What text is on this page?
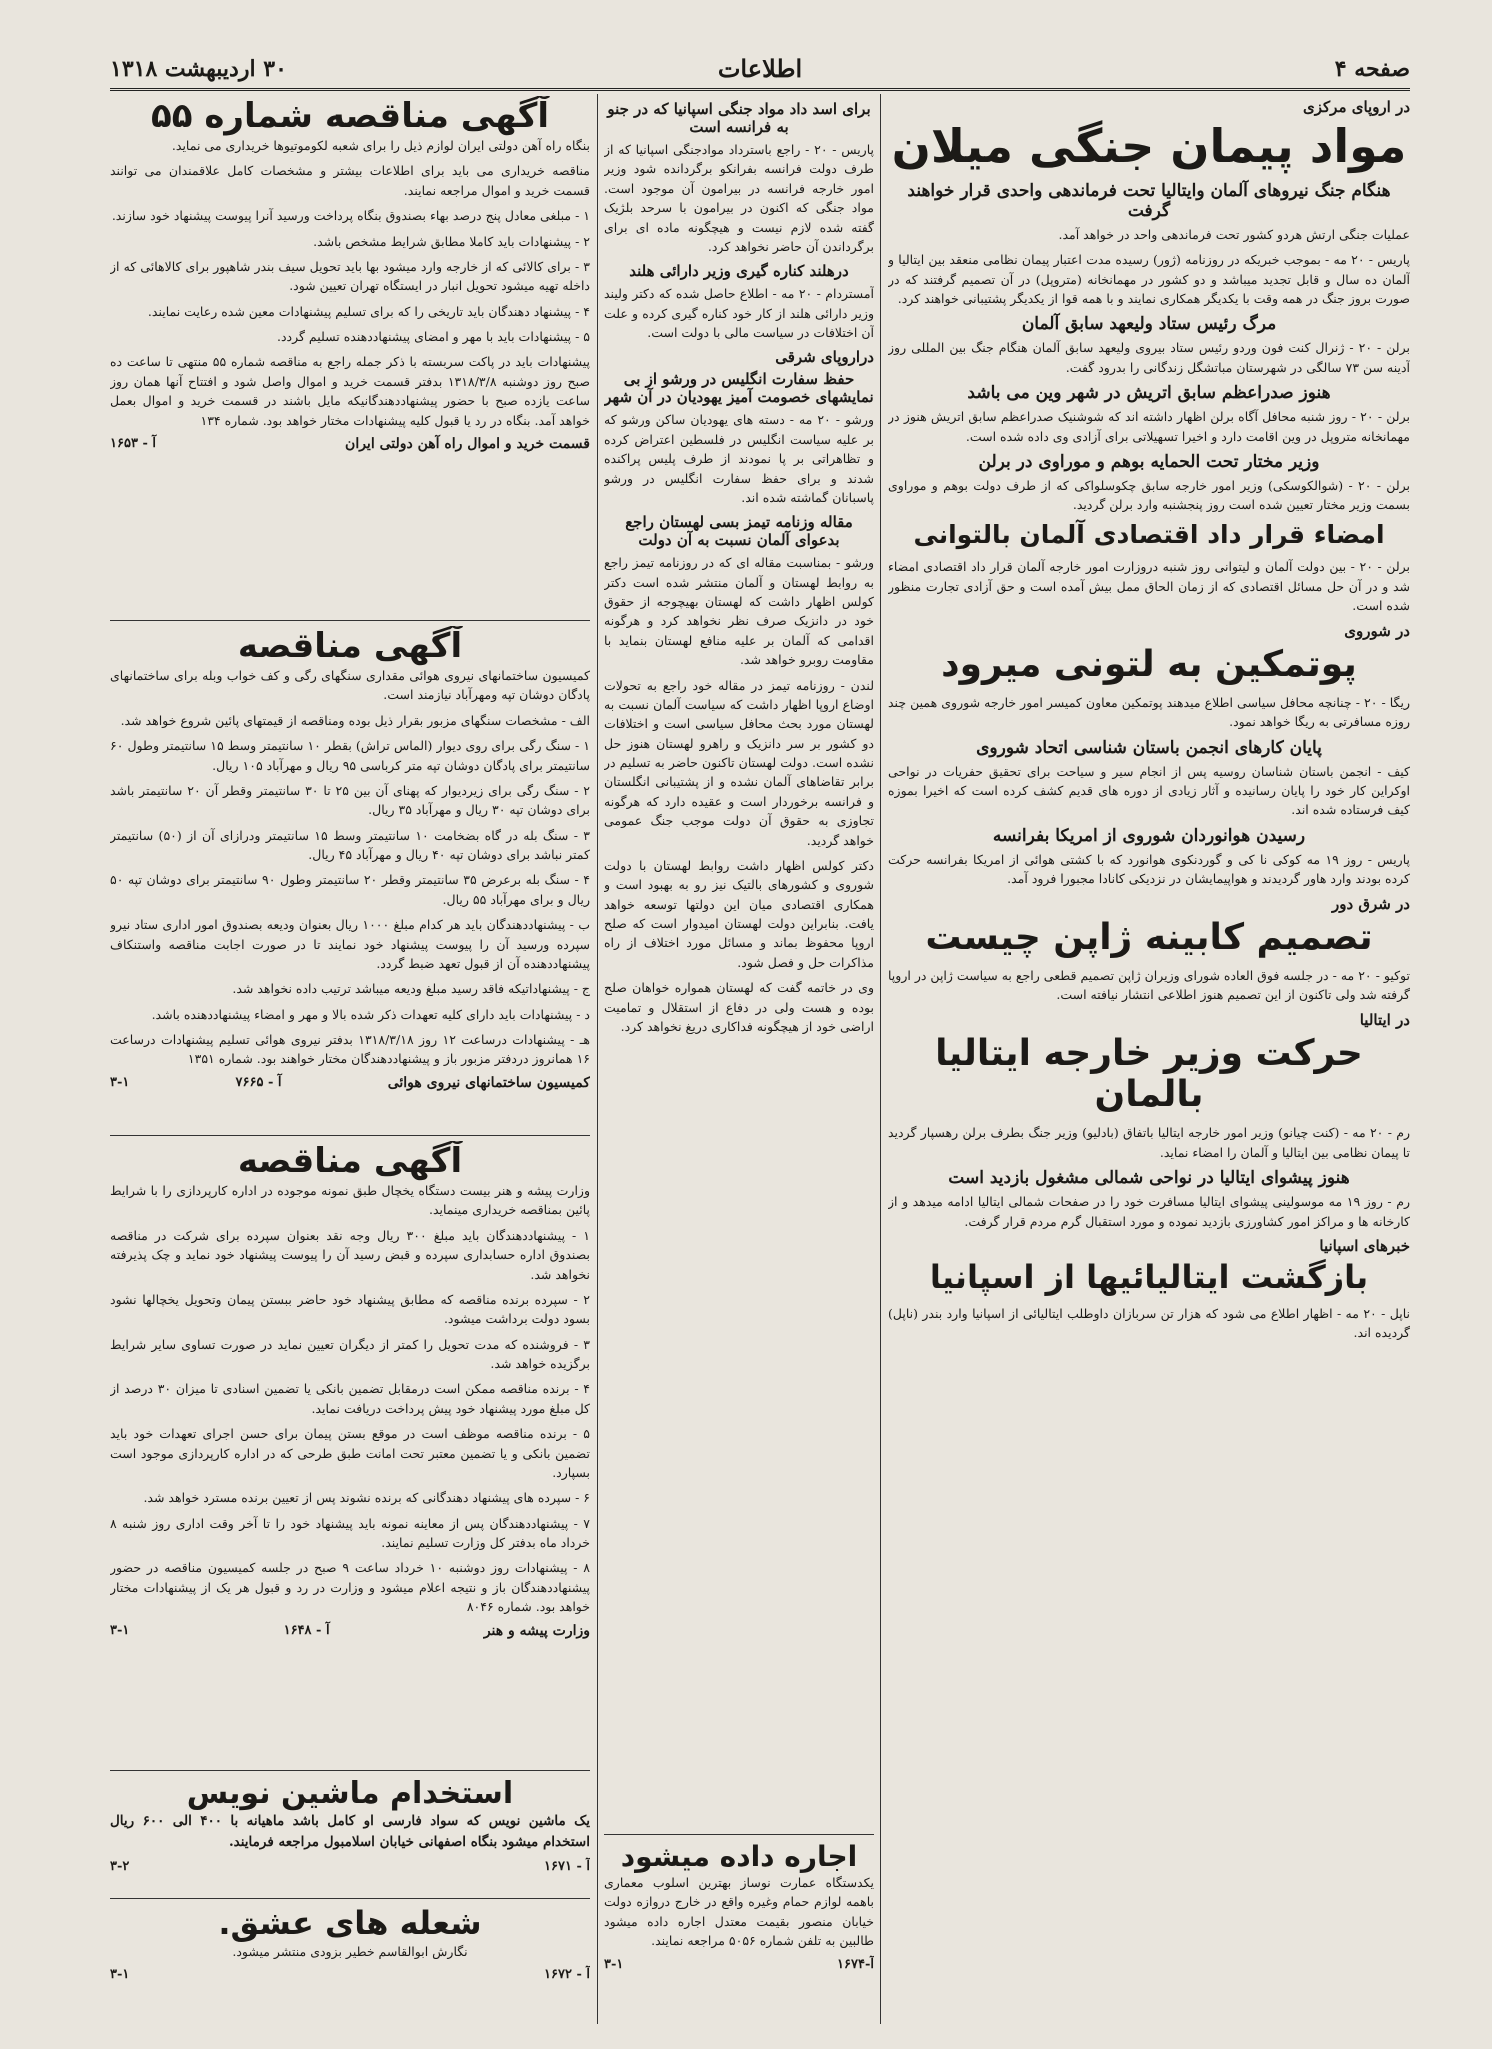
صفحه ۴
اطلاعات
۳۰ اردیبهشت ۱۳۱۸
در اروپای مرکزی
مواد پیمان جنگی میلان
هنگام جنگ نیروهای آلمان وایتالیا تحت فرماندهی واحدی قرار خواهند گرفت

عملیات جنگی ارتش هردو کشور تحت فرماندهی واحد در خواهد آمد.

پاریس - ۲۰ مه - بموجب خبریکه در روزنامه (ژور) رسیده مدت اعتبار پیمان نظامی منعقد بین ایتالیا و آلمان ده سال و قابل تجدید میباشد و دو کشور در مهمانخانه (متروپل) در آن تصمیم گرفتند که در صورت بروز جنگ در همه وقت با یکدیگر همکاری نمایند و با همه قوا از یکدیگر پشتیبانی خواهند کرد.

مرگ رئیس ستاد ولیعهد سابق آلمان

برلن - ۲۰ - ژنرال کنت فون وردو رئیس ستاد بیروی ولیعهد سابق آلمان هنگام جنگ بین المللی روز آدینه سن ۷۳ سالگی در شهرستان مباتشگل زندگانی را بدرود گفت.

هنوز صدراعظم سابق اتریش در شهر وین می باشد

برلن - ۲۰ - روز شنبه محافل آگاه برلن اظهار داشته اند که شوشنیک صدراعظم سابق اتریش هنوز در مهمانخانه متروپل در وین اقامت دارد و اخیرا تسهیلاتی برای آزادی وی داده شده است.

وزیر مختار تحت الحمایه بوهم و موراوی در برلن

برلن - ۲۰ - (شوالکوسکی) وزیر امور خارجه سابق چکوسلواکی که از طرف دولت بوهم و موراوی بسمت وزیر مختار تعیین شده است روز پنجشنبه وارد برلن گردید.

امضاء قرار داد اقتصادی آلمان بالتوانی

برلن - ۲۰ - بین دولت آلمان و لیتوانی روز شنبه دروزارت امور خارجه آلمان قرار داد اقتصادی امضاء شد و در آن حل مسائل اقتصادی که از زمان الحاق ممل بیش آمده است و حق آزادی تجارت منظور شده است.

در شوروی
پوتمکین به لتونی میرود

ریگا - ۲۰ - چنانچه محافل سیاسی اطلاع میدهند پوتمکین معاون کمیسر امور خارجه شوروی همین چند روزه مسافرتی به ریگا خواهد نمود.

پایان کارهای انجمن باستان شناسی اتحاد شوروی

کیف - انجمن باستان شناسان روسیه پس از انجام سیر و سیاحت برای تحقیق حفریات در نواحی اوکراین کار خود را پایان رسانیده و آثار زیادی از دوره های قدیم کشف کرده است که اخیرا بموزه کیف فرستاده شده اند.

رسیدن هوانوردان شوروی از امریکا بفرانسه

پاریس - روز ۱۹ مه کوکی نا کی و گوردنکوی هوانورد که با کشتی هوائی از امریکا بفرانسه حرکت کرده بودند وارد هاور گردیدند و هواپیمایشان در نزدیکی کانادا مجبورا فرود آمد.

در شرق دور
تصمیم کابینه ژاپن چیست

توکیو - ۲۰ مه - در جلسه فوق العاده شورای وزیران ژاپن تصمیم قطعی راجع به سیاست ژاپن در اروپا گرفته شد ولی تاکنون از این تصمیم هنوز اطلاعی انتشار نیافته است.

در ایتالیا
حرکت وزیر خارجه ایتالیا بالمان

رم - ۲۰ مه - (کنت چیانو) وزیر امور خارجه ایتالیا باتفاق (بادلیو) وزیر جنگ بطرف برلن رهسپار گردید تا پیمان نظامی بین ایتالیا و آلمان را امضاء نماید.

هنوز پیشوای ایتالیا در نواحی شمالی مشغول بازدید است

رم - روز ۱۹ مه موسولینی پیشوای ایتالیا مسافرت خود را در صفحات شمالی ایتالیا ادامه میدهد و از کارخانه ها و مراکز امور کشاورزی بازدید نموده و مورد استقبال گرم مردم قرار گرفت.

خبرهای اسپانیا
بازگشت ایتالیائیها از اسپانیا

ناپل - ۲۰ مه - اظهار اطلاع می شود که هزار تن سربازان داوطلب ایتالیائی از اسپانیا وارد بندر (ناپل) گردیده اند.

برای اسد داد مواد جنگی اسپانیا که در جنو به فرانسه است

پاریس - ۲۰ - راجع باسترداد موادجنگی اسپانیا که از طرف دولت فرانسه بفرانکو برگردانده شود وزیر امور خارجه فرانسه در بیرامون آن موجود است. مواد جنگی که اکنون در بیرامون با سرحد بلژیک گفته شده لازم نیست و هیچگونه ماده ای برای برگرداندن آن حاضر نخواهد کرد.

درهلند کناره گیری وزیر دارائی هلند

آمستردام - ۲۰ مه - اطلاع حاصل شده که دکتر ولیند وزیر دارائی هلند از کار خود کناره گیری کرده و علت آن اختلافات در سیاست مالی با دولت است.

دراروپای شرقی
حفظ سفارت انگلیس در ورشو از بی نمایشهای خصومت آمیز یهودیان در آن شهر

ورشو - ۲۰ مه - دسته های یهودیان ساکن ورشو که بر علیه سیاست انگلیس در فلسطین اعتراض کرده و تظاهراتی بر پا نمودند از طرف پلیس پراکنده شدند و برای حفظ سفارت انگلیس در ورشو پاسبانان گماشته شده اند.

مقاله وزنامه تیمز بسی لهستان راجع بدعوای آلمان نسبت به آن دولت

ورشو - بمناسبت مقاله ای که در روزنامه تیمز راجع به روابط لهستان و آلمان منتشر شده است دکتر کولس اظهار داشت که لهستان بهیچوجه از حقوق خود در دانزیک صرف نظر نخواهد کرد و هرگونه اقدامی که آلمان بر علیه منافع لهستان بنماید با مقاومت روبرو خواهد شد.

لندن - روزنامه تیمز در مقاله خود راجع به تحولات اوضاع اروپا اظهار داشت که سیاست آلمان نسبت به لهستان مورد بحث محافل سیاسی است و اختلافات دو کشور بر سر دانزیک و راهرو لهستان هنوز حل نشده است. دولت لهستان تاکنون حاضر به تسلیم در برابر تقاضاهای آلمان نشده و از پشتیبانی انگلستان و فرانسه برخوردار است و عقیده دارد که هرگونه تجاوزی به حقوق آن دولت موجب جنگ عمومی خواهد گردید.

دکتر کولس اظهار داشت روابط لهستان با دولت شوروی و کشورهای بالتیک نیز رو به بهبود است و همکاری اقتصادی میان این دولتها توسعه خواهد یافت. بنابراین دولت لهستان امیدوار است که صلح اروپا محفوظ بماند و مسائل مورد اختلاف از راه مذاکرات حل و فصل شود.

وی در خاتمه گفت که لهستان همواره خواهان صلح بوده و هست ولی در دفاع از استقلال و تمامیت اراضی خود از هیچگونه فداکاری دریغ نخواهد کرد.

اجاره داده میشود

یکدستگاه عمارت نوساز بهترین اسلوب معماری باهمه لوازم حمام وغیره واقع در خارج دروازه دولت خیابان منصور بقیمت معتدل اجاره داده میشود طالبین به تلفن شماره ۵۰۵۶ مراجعه نمایند.

آ-۱۶۷۴
۳-۱
آگهی مناقصه شماره ۵۵

بنگاه راه آهن دولتی ایران لوازم ذیل را برای شعبه لکوموتیوها خریداری می نماید.

مناقصه خریداری می باید برای اطلاعات بیشتر و مشخصات کامل علاقمندان می توانند قسمت خرید و اموال مراجعه نمایند.

۱ - مبلغی معادل پنج درصد بهاء بصندوق بنگاه پرداخت ورسید آنرا پیوست پیشنهاد خود سازند.

۲ - پیشنهادات باید کاملا مطابق شرایط مشخص باشد.

۳ - برای کالائی که از خارجه وارد میشود بها باید تحویل سیف بندر شاهپور برای کالاهائی که از داخله تهیه میشود تحویل انبار در ایستگاه تهران تعیین شود.

۴ - پیشنهاد دهندگان باید تاریخی را که برای تسلیم پیشنهادات معین شده رعایت نمایند.

۵ - پیشنهادات باید با مهر و امضای پیشنهاددهنده تسلیم گردد.

پیشنهادات باید در پاکت سربسته با ذکر جمله راجع به مناقصه شماره ۵۵ منتهی تا ساعت ده صبح روز دوشنبه ۱۳۱۸/۳/۸ بدفتر قسمت خرید و اموال واصل شود و افتتاح آنها همان روز ساعت یازده صبح با حضور پیشنهاددهندگانیکه مایل باشند در قسمت خرید و اموال بعمل خواهد آمد. بنگاه در رد یا قبول کلیه پیشنهادات مختار خواهد بود. شماره ۱۳۴

قسمت خرید و اموال راه آهن دولتی ایران
آ - ۱۶۵۳
آگهی مناقصه

کمیسیون ساختمانهای نیروی هوائی مقداری سنگهای رگی و کف خواب وبله برای ساختمانهای پادگان دوشان تپه ومهرآباد نیازمند است.

الف - مشخصات سنگهای مزبور بقرار ذیل بوده ومناقصه از قیمتهای پائین شروع خواهد شد.

۱ - سنگ رگی برای روی دیوار (الماس تراش) بقطر ۱۰ سانتیمتر وسط ۱۵ سانتیمتر وطول ۶۰ سانتیمتر برای پادگان دوشان تپه متر کرباسی ۹۵ ریال و مهرآباد ۱۰۵ ریال.

۲ - سنگ رگی برای زیردیوار که پهنای آن بین ۲۵ تا ۳۰ سانتیمتر وقطر آن ۲۰ سانتیمتر باشد برای دوشان تپه ۳۰ ریال و مهرآباد ۳۵ ریال.

۳ - سنگ بله در گاه بضخامت ۱۰ سانتیمتر وسط ۱۵ سانتیمتر ودرازای آن از (۵۰) سانتیمتر کمتر نباشد برای دوشان تپه ۴۰ ریال و مهرآباد ۴۵ ریال.

۴ - سنگ بله برعرض ۳۵ سانتیمتر وقطر ۲۰ سانتیمتر وطول ۹۰ سانتیمتر برای دوشان تپه ۵۰ ریال و برای مهرآباد ۵۵ ریال.

ب - پیشنهاددهندگان باید هر کدام مبلغ ۱۰۰۰ ریال بعنوان ودیعه بصندوق امور اداری ستاد نیرو سپرده ورسید آن را پیوست پیشنهاد خود نمایند تا در صورت اجابت مناقصه واستنکاف پیشنهاددهنده آن از قبول تعهد ضبط گردد.

ج - پیشنهاداتیکه فاقد رسید مبلغ ودیعه میباشد ترتیب داده نخواهد شد.

د - پیشنهادات باید دارای کلیه تعهدات ذکر شده بالا و مهر و امضاء پیشنهاددهنده باشد.

هـ - پیشنهادات درساعت ۱۲ روز ۱۳۱۸/۳/۱۸ بدفتر نیروی هوائی تسلیم پیشنهادات درساعت ۱۶ همانروز دردفتر مزبور باز و پیشنهاددهندگان مختار خواهند بود. شماره ۱۳۵۱

کمیسیون ساختمانهای نیروی هوائی
آ - ۷۶۶۵
۳-۱
آگهی مناقصه

وزارت پیشه و هنر بیست دستگاه یخچال طبق نمونه موجوده در اداره کارپردازی را با شرایط پائین بمناقصه خریداری مینماید.

۱ - پیشنهاددهندگان باید مبلغ ۳۰۰ ریال وجه نقد بعنوان سپرده برای شرکت در مناقصه بصندوق اداره حسابداری سپرده و قبض رسید آن را پیوست پیشنهاد خود نماید و چک پذیرفته نخواهد شد.

۲ - سپرده برنده مناقصه که مطابق پیشنهاد خود حاضر ببستن پیمان وتحویل یخچالها نشود بسود دولت برداشت میشود.

۳ - فروشنده که مدت تحویل را کمتر از دیگران تعیین نماید در صورت تساوی سایر شرایط برگزیده خواهد شد.

۴ - برنده مناقصه ممکن است درمقابل تضمین بانکی یا تضمین اسنادی تا میزان ۳۰ درصد از کل مبلغ مورد پیشنهاد خود پیش پرداخت دریافت نماید.

۵ - برنده مناقصه موظف است در موقع بستن پیمان برای حسن اجرای تعهدات خود باید تضمین بانکی و یا تضمین معتبر تحت امانت طبق طرحی که در اداره کارپردازی موجود است بسپارد.

۶ - سپرده های پیشنهاد دهندگانی که برنده نشوند پس از تعیین برنده مسترد خواهد شد.

۷ - پیشنهاددهندگان پس از معاینه نمونه باید پیشنهاد خود را تا آخر وقت اداری روز شنبه ۸ خرداد ماه بدفتر کل وزارت تسلیم نمایند.

۸ - پیشنهادات روز دوشنبه ۱۰ خرداد ساعت ۹ صبح در جلسه کمیسیون مناقصه در حضور پیشنهاددهندگان باز و نتیجه اعلام میشود و وزارت در رد و قبول هر یک از پیشنهادات مختار خواهد بود. شماره ۸۰۴۶

وزارت پیشه و هنر
آ - ۱۶۴۸
۳-۱
استخدام ماشین نویس

یک ماشین نویس که سواد فارسی او کامل باشد ماهیانه با ۴۰۰ الی ۶۰۰ ریال استخدام میشود بنگاه اصفهانی خیابان اسلامبول مراجعه فرمایند.

آ - ۱۶۷۱
۳-۲
شعله های عشق.

نگارش ابوالقاسم خطیر بزودی منتشر میشود.

آ - ۱۶۷۲
۳-۱
